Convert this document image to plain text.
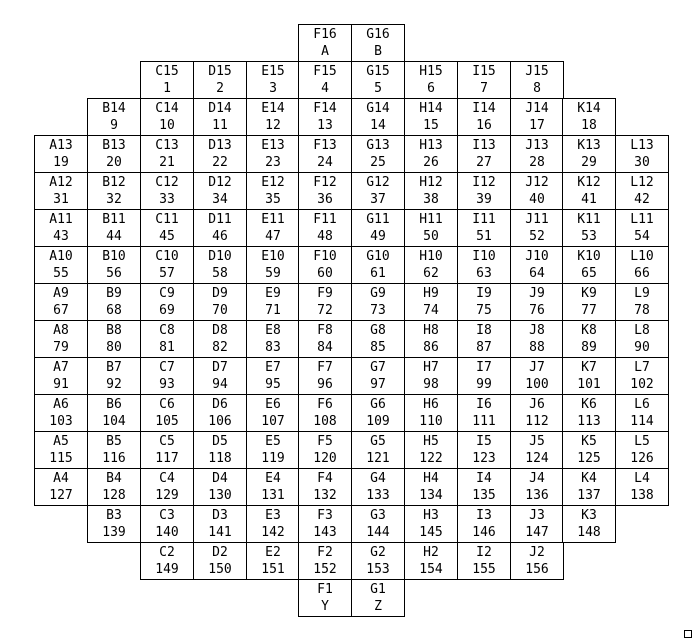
F16
A
G16
B
C15
1
D15
2
E15
3
F15
4
G15
5
H15
6
I15
7
J15
8
B14
9
C14
10
D14
11
E14
12
F14
13
G14
14
H14
15
I14
16
J14
17
K14
18
A13
19
B13
20
C13
21
D13
22
E13
23
F13
24
G13
25
H13
26
I13
27
J13
28
K13
29
L13
30
A12
31
B12
32
C12
33
D12
34
E12
35
F12
36
G12
37
H12
38
I12
39
J12
40
K12
41
L12
42
A11
43
B11
44
C11
45
D11
46
E11
47
F11
48
G11
49
H11
50
I11
51
J11
52
K11
53
L11
54
A10
55
B10
56
C10
57
D10
58
E10
59
F10
60
G10
61
H10
62
I10
63
J10
64
K10
65
L10
66
A9
67
B9
68
C9
69
D9
70
E9
71
F9
72
G9
73
H9
74
I9
75
J9
76
K9
77
L9
78
A8
79
B8
80
C8
81
D8
82
E8
83
F8
84
G8
85
H8
86
I8
87
J8
88
K8
89
L8
90
A7
91
B7
92
C7
93
D7
94
E7
95
F7
96
G7
97
H7
98
I7
99
J7
100
K7
101
L7
102
A6
103
B6
104
C6
105
D6
106
E6
107
F6
108
G6
109
H6
110
I6
111
J6
112
K6
113
L6
114
A5
115
B5
116
C5
117
D5
118
E5
119
F5
120
G5
121
H5
122
I5
123
J5
124
K5
125
L5
126
A4
127
B4
128
C4
129
D4
130
E4
131
F4
132
G4
133
H4
134
I4
135
J4
136
K4
137
L4
138
B3
139
C3
140
D3
141
E3
142
F3
143
G3
144
H3
145
I3
146
J3
147
K3
148
C2
149
D2
150
E2
151
F2
152
G2
153
H2
154
I2
155
J2
156
F1
Y
G1
Z
